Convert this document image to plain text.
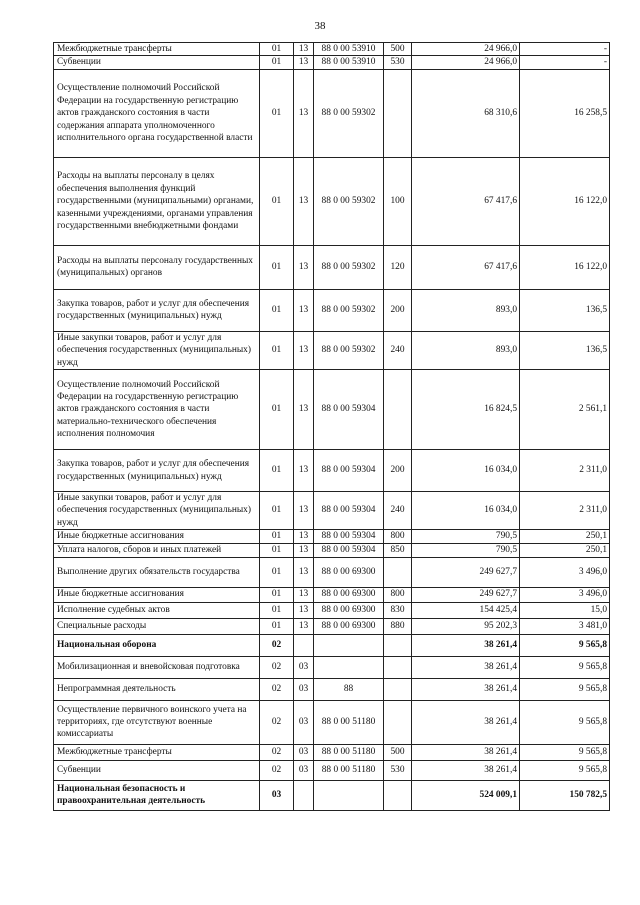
38
Межбюджетные трансферты	01	13	88 0 00 53910	500	24 966,0	-
Субвенции	01	13	88 0 00 53910	530	24 966,0	-
Осуществление полномочий Российской Федерации на государственную регистрацию актов гражданского состояния в части содержания аппарата уполномоченного исполнительного органа государственной власти	01	13	88 0 00 59302		68 310,6	16 258,5
Расходы на выплаты персоналу в целях обеспечения выполнения функций государственными (муниципальными) органами, казенными учреждениями, органами управления государственными внебюджетными фондами	01	13	88 0 00 59302	100	67 417,6	16 122,0
Расходы на выплаты персоналу государственных (муниципальных) органов	01	13	88 0 00 59302	120	67 417,6	16 122,0
Закупка товаров, работ и услуг для обеспечения государственных (муниципальных) нужд	01	13	88 0 00 59302	200	893,0	136,5
Иные закупки товаров, работ и услуг для обеспечения государственных (муниципальных) нужд	01	13	88 0 00 59302	240	893,0	136,5
Осуществление полномочий Российской Федерации на государственную регистрацию актов гражданского состояния в части материально-технического обеспечения исполнения полномочия	01	13	88 0 00 59304		16 824,5	2 561,1
Закупка товаров, работ и услуг для обеспечения государственных (муниципальных) нужд	01	13	88 0 00 59304	200	16 034,0	2 311,0
Иные закупки товаров, работ и услуг для обеспечения государственных (муниципальных) нужд	01	13	88 0 00 59304	240	16 034,0	2 311,0
Иные бюджетные ассигнования	01	13	88 0 00 59304	800	790,5	250,1
Уплата налогов, сборов и иных платежей	01	13	88 0 00 59304	850	790,5	250,1
Выполнение других обязательств государства	01	13	88 0 00 69300		249 627,7	3 496,0
Иные бюджетные ассигнования	01	13	88 0 00 69300	800	249 627,7	3 496,0
Исполнение судебных актов	01	13	88 0 00 69300	830	154 425,4	15,0
Специальные расходы	01	13	88 0 00 69300	880	95 202,3	3 481,0
Национальная оборона	02				38 261,4	9 565,8
Мобилизационная и вневойсковая подготовка	02	03			38 261,4	9 565,8
Непрограммная деятельность	02	03	88		38 261,4	9 565,8
Осуществление первичного воинского учета на территориях, где отсутствуют военные комиссариаты	02	03	88 0 00 51180		38 261,4	9 565,8
Межбюджетные трансферты	02	03	88 0 00 51180	500	38 261,4	9 565,8
Субвенции	02	03	88 0 00 51180	530	38 261,4	9 565,8
Национальная безопасность и правоохранительная деятельность	03				524 009,1	150 782,5
